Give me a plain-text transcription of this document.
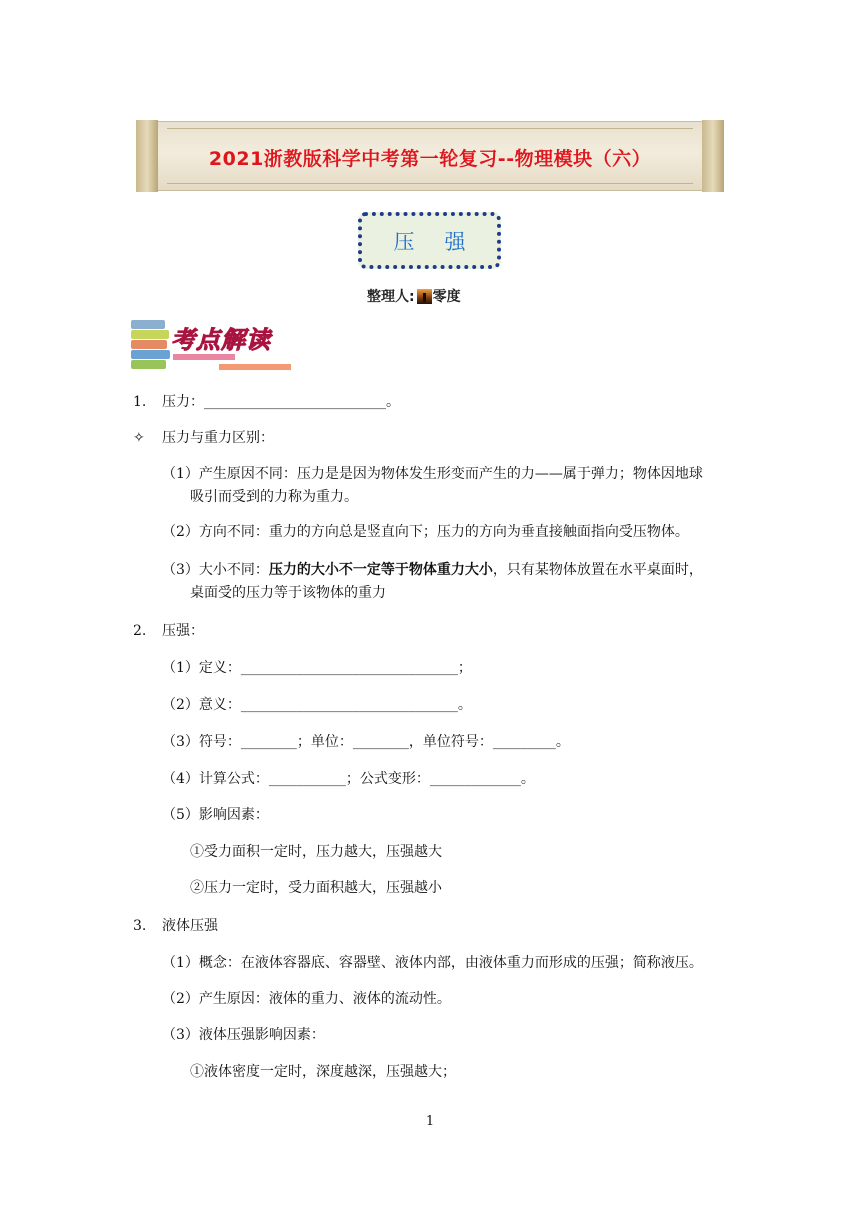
2021浙教版科学中考第一轮复习--物理模块（六）
压强
整理人: 零度
考点解读
1. 压力：__________________________。
✧ 压力与重力区别：
（1）产生原因不同：压力是是因为物体发生形变而产生的力——属于弹力；物体因地球
吸引而受到的力称为重力。
（2）方向不同：重力的方向总是竖直向下；压力的方向为垂直接触面指向受压物体。
（3）大小不同：压力的大小不一定等于物体重力大小，只有某物体放置在水平桌面时，
桌面受的压力等于该物体的重力
2. 压强：
（1）定义：_______________________________；
（2）意义：_______________________________。
（3）符号：________；单位：________，单位符号：_________。
（4）计算公式：___________；公式变形：_____________。
（5）影响因素：
①受力面积一定时，压力越大，压强越大
②压力一定时，受力面积越大，压强越小
3. 液体压强
（1）概念：在液体容器底、容器壁、液体内部，由液体重力而形成的压强；简称液压。
（2）产生原因：液体的重力、液体的流动性。
（3）液体压强影响因素：
①液体密度一定时，深度越深，压强越大；
1
